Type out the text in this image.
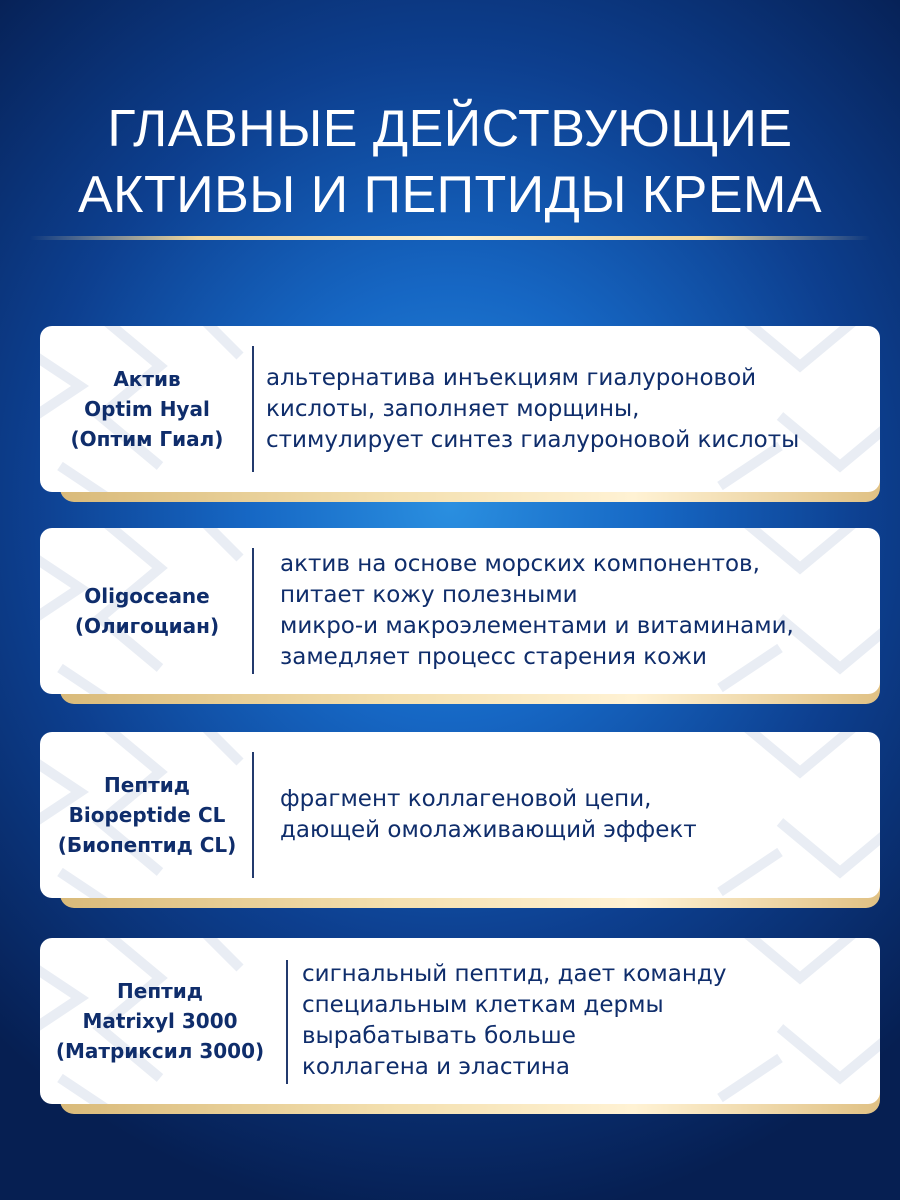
ГЛАВНЫЕ ДЕЙСТВУЮЩИЕ
АКТИВЫ И ПЕПТИДЫ КРЕМА
Актив
Optim Hyal
(Оптим Гиал)
альтернатива инъекциям гиалуроновой
кислоты, заполняет морщины,
стимулирует синтез гиалуроновой кислоты
Oligoceane
(Олигоциан)
актив на основе морских компонентов,
питает кожу полезными
микро-и макроэлементами и витаминами,
замедляет процесс старения кожи
Пептид
Biopeptide CL
(Биопептид CL)
фрагмент коллагеновой цепи,
дающей омолаживающий эффект
Пептид
Matrixyl 3000
(Матриксил 3000)
сигнальный пептид, дает команду
специальным клеткам дермы
вырабатывать больше
коллагена и эластина
